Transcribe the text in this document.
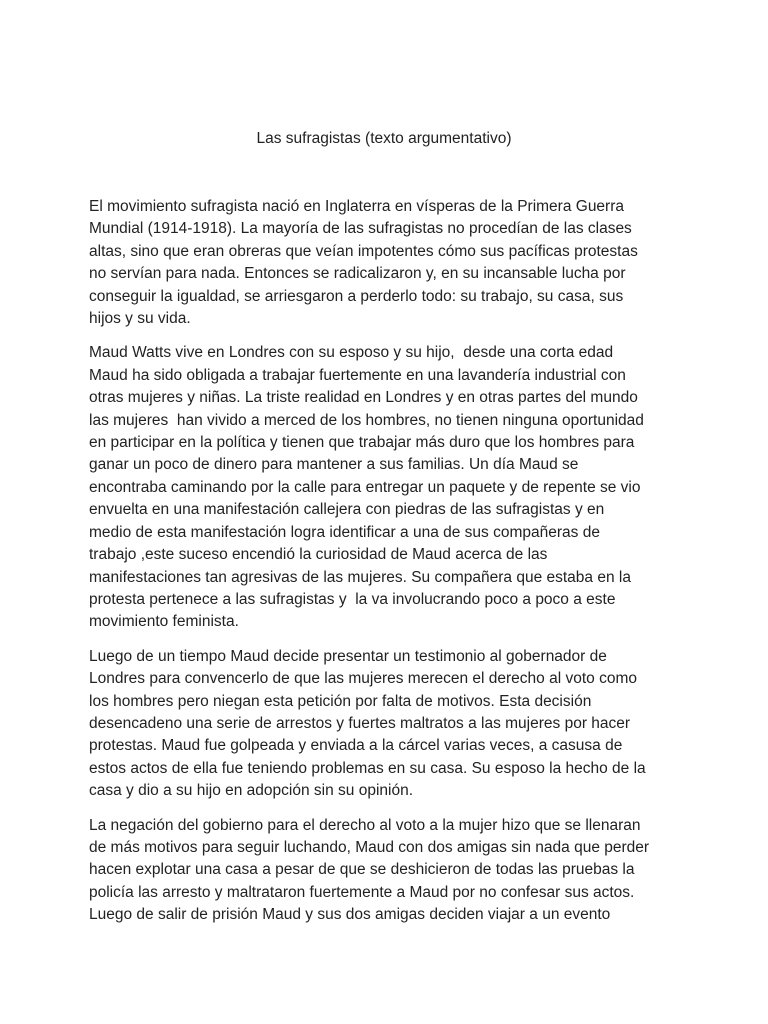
Las sufragistas (texto argumentativo)

El movimiento sufragista nació en Inglaterra en vísperas de la Primera Guerra
Mundial (1914-1918). La mayoría de las sufragistas no procedían de las clases
altas, sino que eran obreras que veían impotentes cómo sus pacíficas protestas
no servían para nada. Entonces se radicalizaron y, en su incansable lucha por
conseguir la igualdad, se arriesgaron a perderlo todo: su trabajo, su casa, sus
hijos y su vida.

Maud Watts vive en Londres con su esposo y su hijo,  desde una corta edad
Maud ha sido obligada a trabajar fuertemente en una lavandería industrial con
otras mujeres y niñas. La triste realidad en Londres y en otras partes del mundo
las mujeres  han vivido a merced de los hombres, no tienen ninguna oportunidad
en participar en la política y tienen que trabajar más duro que los hombres para
ganar un poco de dinero para mantener a sus familias. Un día Maud se
encontraba caminando por la calle para entregar un paquete y de repente se vio
envuelta en una manifestación callejera con piedras de las sufragistas y en
medio de esta manifestación logra identificar a una de sus compañeras de
trabajo ,este suceso encendió la curiosidad de Maud acerca de las
manifestaciones tan agresivas de las mujeres. Su compañera que estaba en la
protesta pertenece a las sufragistas y  la va involucrando poco a poco a este
movimiento feminista.

Luego de un tiempo Maud decide presentar un testimonio al gobernador de
Londres para convencerlo de que las mujeres merecen el derecho al voto como
los hombres pero niegan esta petición por falta de motivos. Esta decisión
desencadeno una serie de arrestos y fuertes maltratos a las mujeres por hacer
protestas. Maud fue golpeada y enviada a la cárcel varias veces, a casusa de
estos actos de ella fue teniendo problemas en su casa. Su esposo la hecho de la
casa y dio a su hijo en adopción sin su opinión.

La negación del gobierno para el derecho al voto a la mujer hizo que se llenaran
de más motivos para seguir luchando, Maud con dos amigas sin nada que perder
hacen explotar una casa a pesar de que se deshicieron de todas las pruebas la
policía las arresto y maltrataron fuertemente a Maud por no confesar sus actos.
Luego de salir de prisión Maud y sus dos amigas deciden viajar a un evento
